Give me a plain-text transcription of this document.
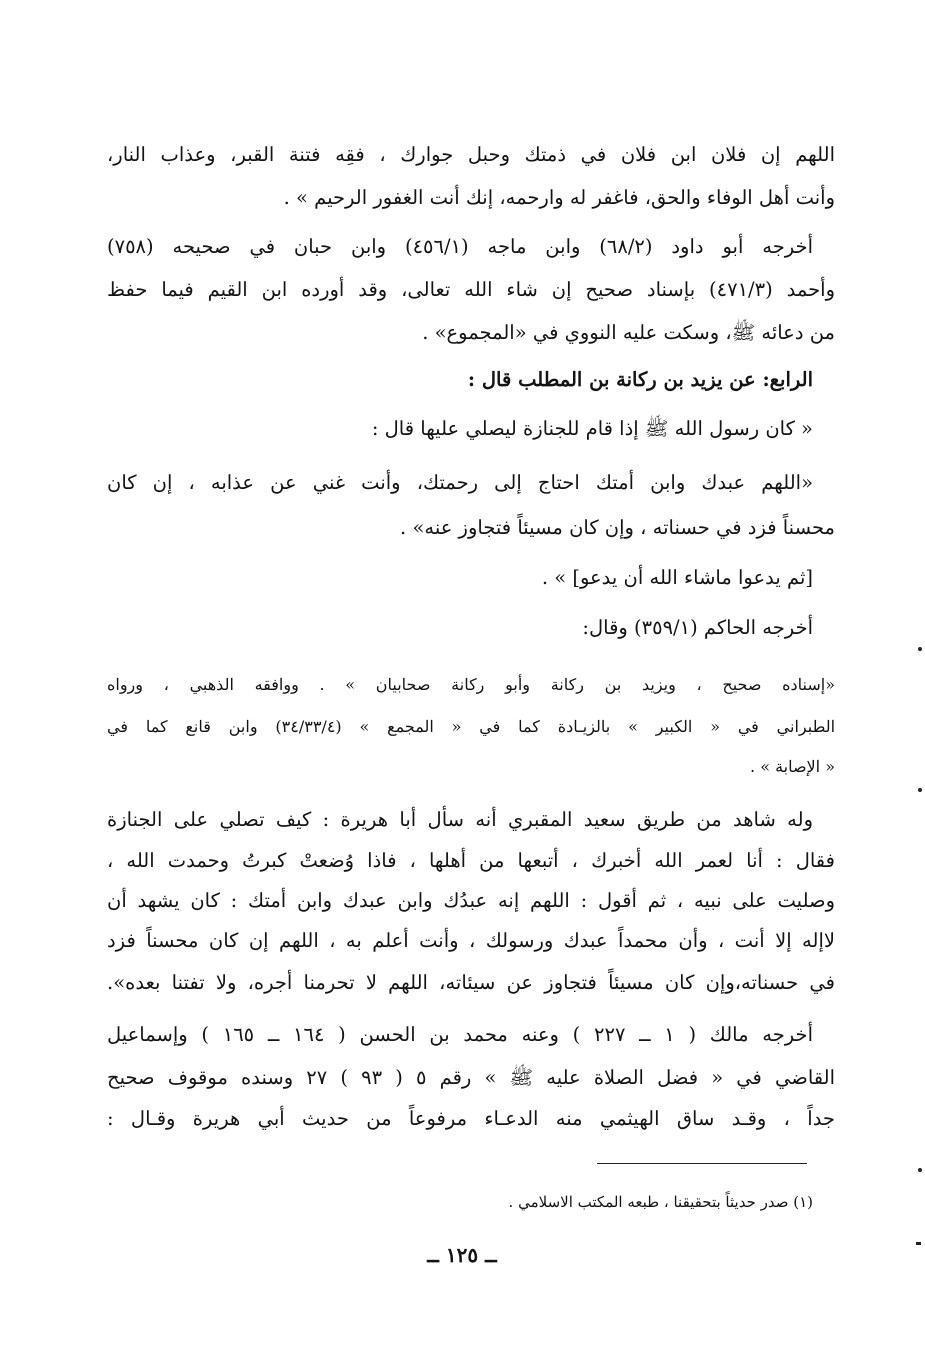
اللهم إن فلان ابن فلان في ذمتك وحبل جوارك ، فقِه فتنة القبر، وعذاب النار،
وأنت أهل الوفاء والحق، فاغفر له وارحمه، إنك أنت الغفور الرحيم » .
أخرجه أبو داود (٦٨/٢) وابن ماجه (٤٥٦/١) وابن حبان في صحيحه (٧٥٨)
وأحمد (٤٧١/٣) بإسناد صحيح إن شاء الله تعالى، وقد أورده ابن القيم فيما حفظ
من دعائه ﷺ، وسكت عليه النووي في «المجموع» .
الرابع: عن يزيد بن ركانة بن المطلب قال :
« كان رسول الله ﷺ إذا قام للجنازة ليصلي عليها قال :
«اللهم عبدك وابن أمتك احتاج إلى رحمتك، وأنت غني عن عذابه ، إن كان
محسناً فزد في حسناته ، وإن كان مسيئاً فتجاوز عنه» .
[ثم يدعوا ماشاء الله أن يدعو] » .
أخرجه الحاكم (٣٥٩/١) وقال:
«إسناده صحيح ، ويزيد بن ركانة وأبو ركانة صحابيان » . ووافقه الذهبي ، ورواه
الطبراني في « الكبير » بالزيـادة كما في « المجمع » (٣٤/٣٣/٤) وابن قانع كما في
« الإصابة » .
وله شاهد من طريق سعيد المقبري أنه سأل أبا هريرة : كيف تصلي على الجنازة
فقال : أنا لعمر الله أخبرك ، أتبعها من أهلها ، فاذا وُضعتْ كبرتُ وحمدت الله ،
وصليت على نبيه ، ثم أقول : اللهم إنه عبدُك وابن عبدك وابن أمتك : كان يشهد أن
لاإله إلا أنت ، وأن محمداً عبدك ورسولك ، وأنت أعلم به ، اللهم إن كان محسناً فزد
في حسناته،وإن كان مسيئاً فتجاوز عن سيئاته، اللهم لا تحرمنا أجره، ولا تفتنا بعده».
أخرجه مالك ( ١ ــ ٢٢٧ ) وعنه محمد بن الحسن ( ١٦٤ ــ ١٦٥ ) وإسماعيل
القاضي في « فضل الصلاة عليه ﷺ » رقم ٥ ( ٩٣ ) ٢٧ وسنده موقوف صحيح
جداً ، وقـد ساق الهيثمي منه الدعـاء مرفوعاً من حديث أبي هريرة وقـال :
(١) صدر حديثاً بتحقيقنا ، طبعه المكتب الاسلامي .
ــ ١٢٥ ــ
